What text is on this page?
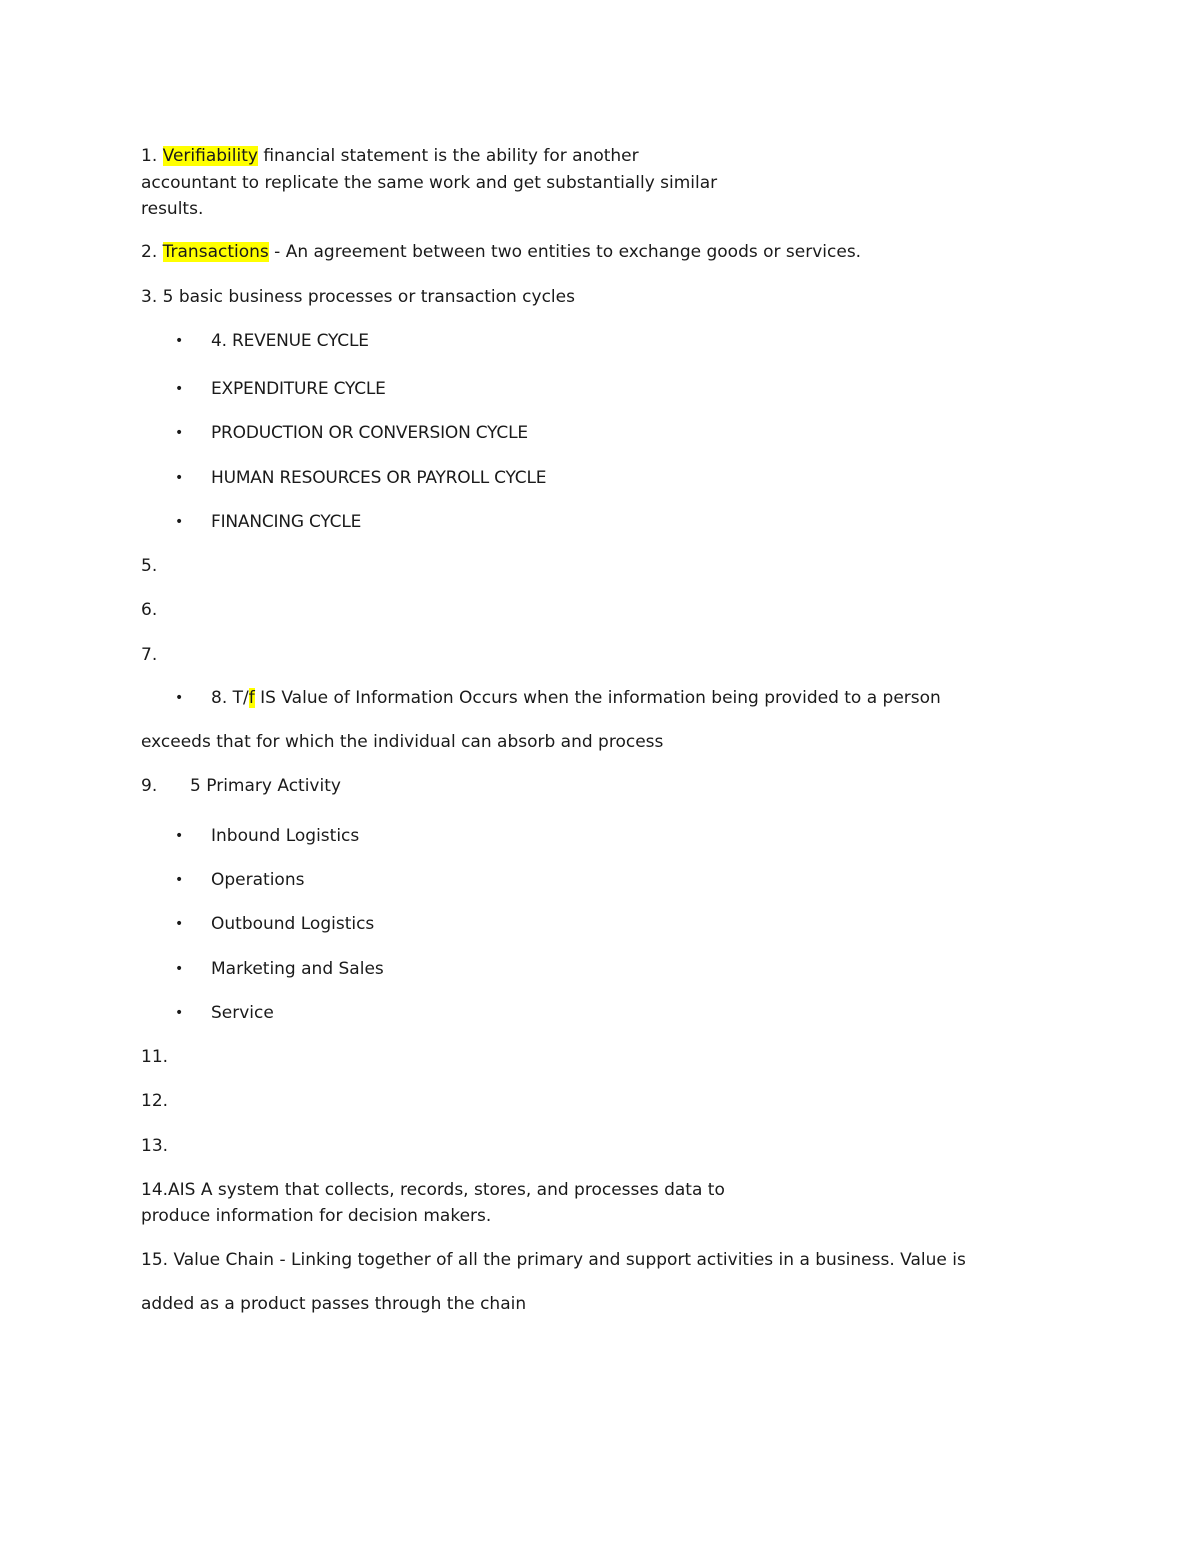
1. Verifiability financial statement is the ability for another
accountant to replicate the same work and get substantially similar
results.
2. Transactions - An agreement between two entities to exchange goods or services.
3. 5 basic business processes or transaction cycles
• 4. REVENUE CYCLE
• EXPENDITURE CYCLE
• PRODUCTION OR CONVERSION CYCLE
• HUMAN RESOURCES OR PAYROLL CYCLE
• FINANCING CYCLE
5.
6.
7.
• 8. T/f IS Value of Information Occurs when the information being provided to a person
exceeds that for which the individual can absorb and process
9. 5 Primary Activity
• Inbound Logistics
• Operations
• Outbound Logistics
• Marketing and Sales
• Service
11.
12.
13.
14.AIS A system that collects, records, stores, and processes data to
produce information for decision makers.
15. Value Chain - Linking together of all the primary and support activities in a business. Value is
added as a product passes through the chain
